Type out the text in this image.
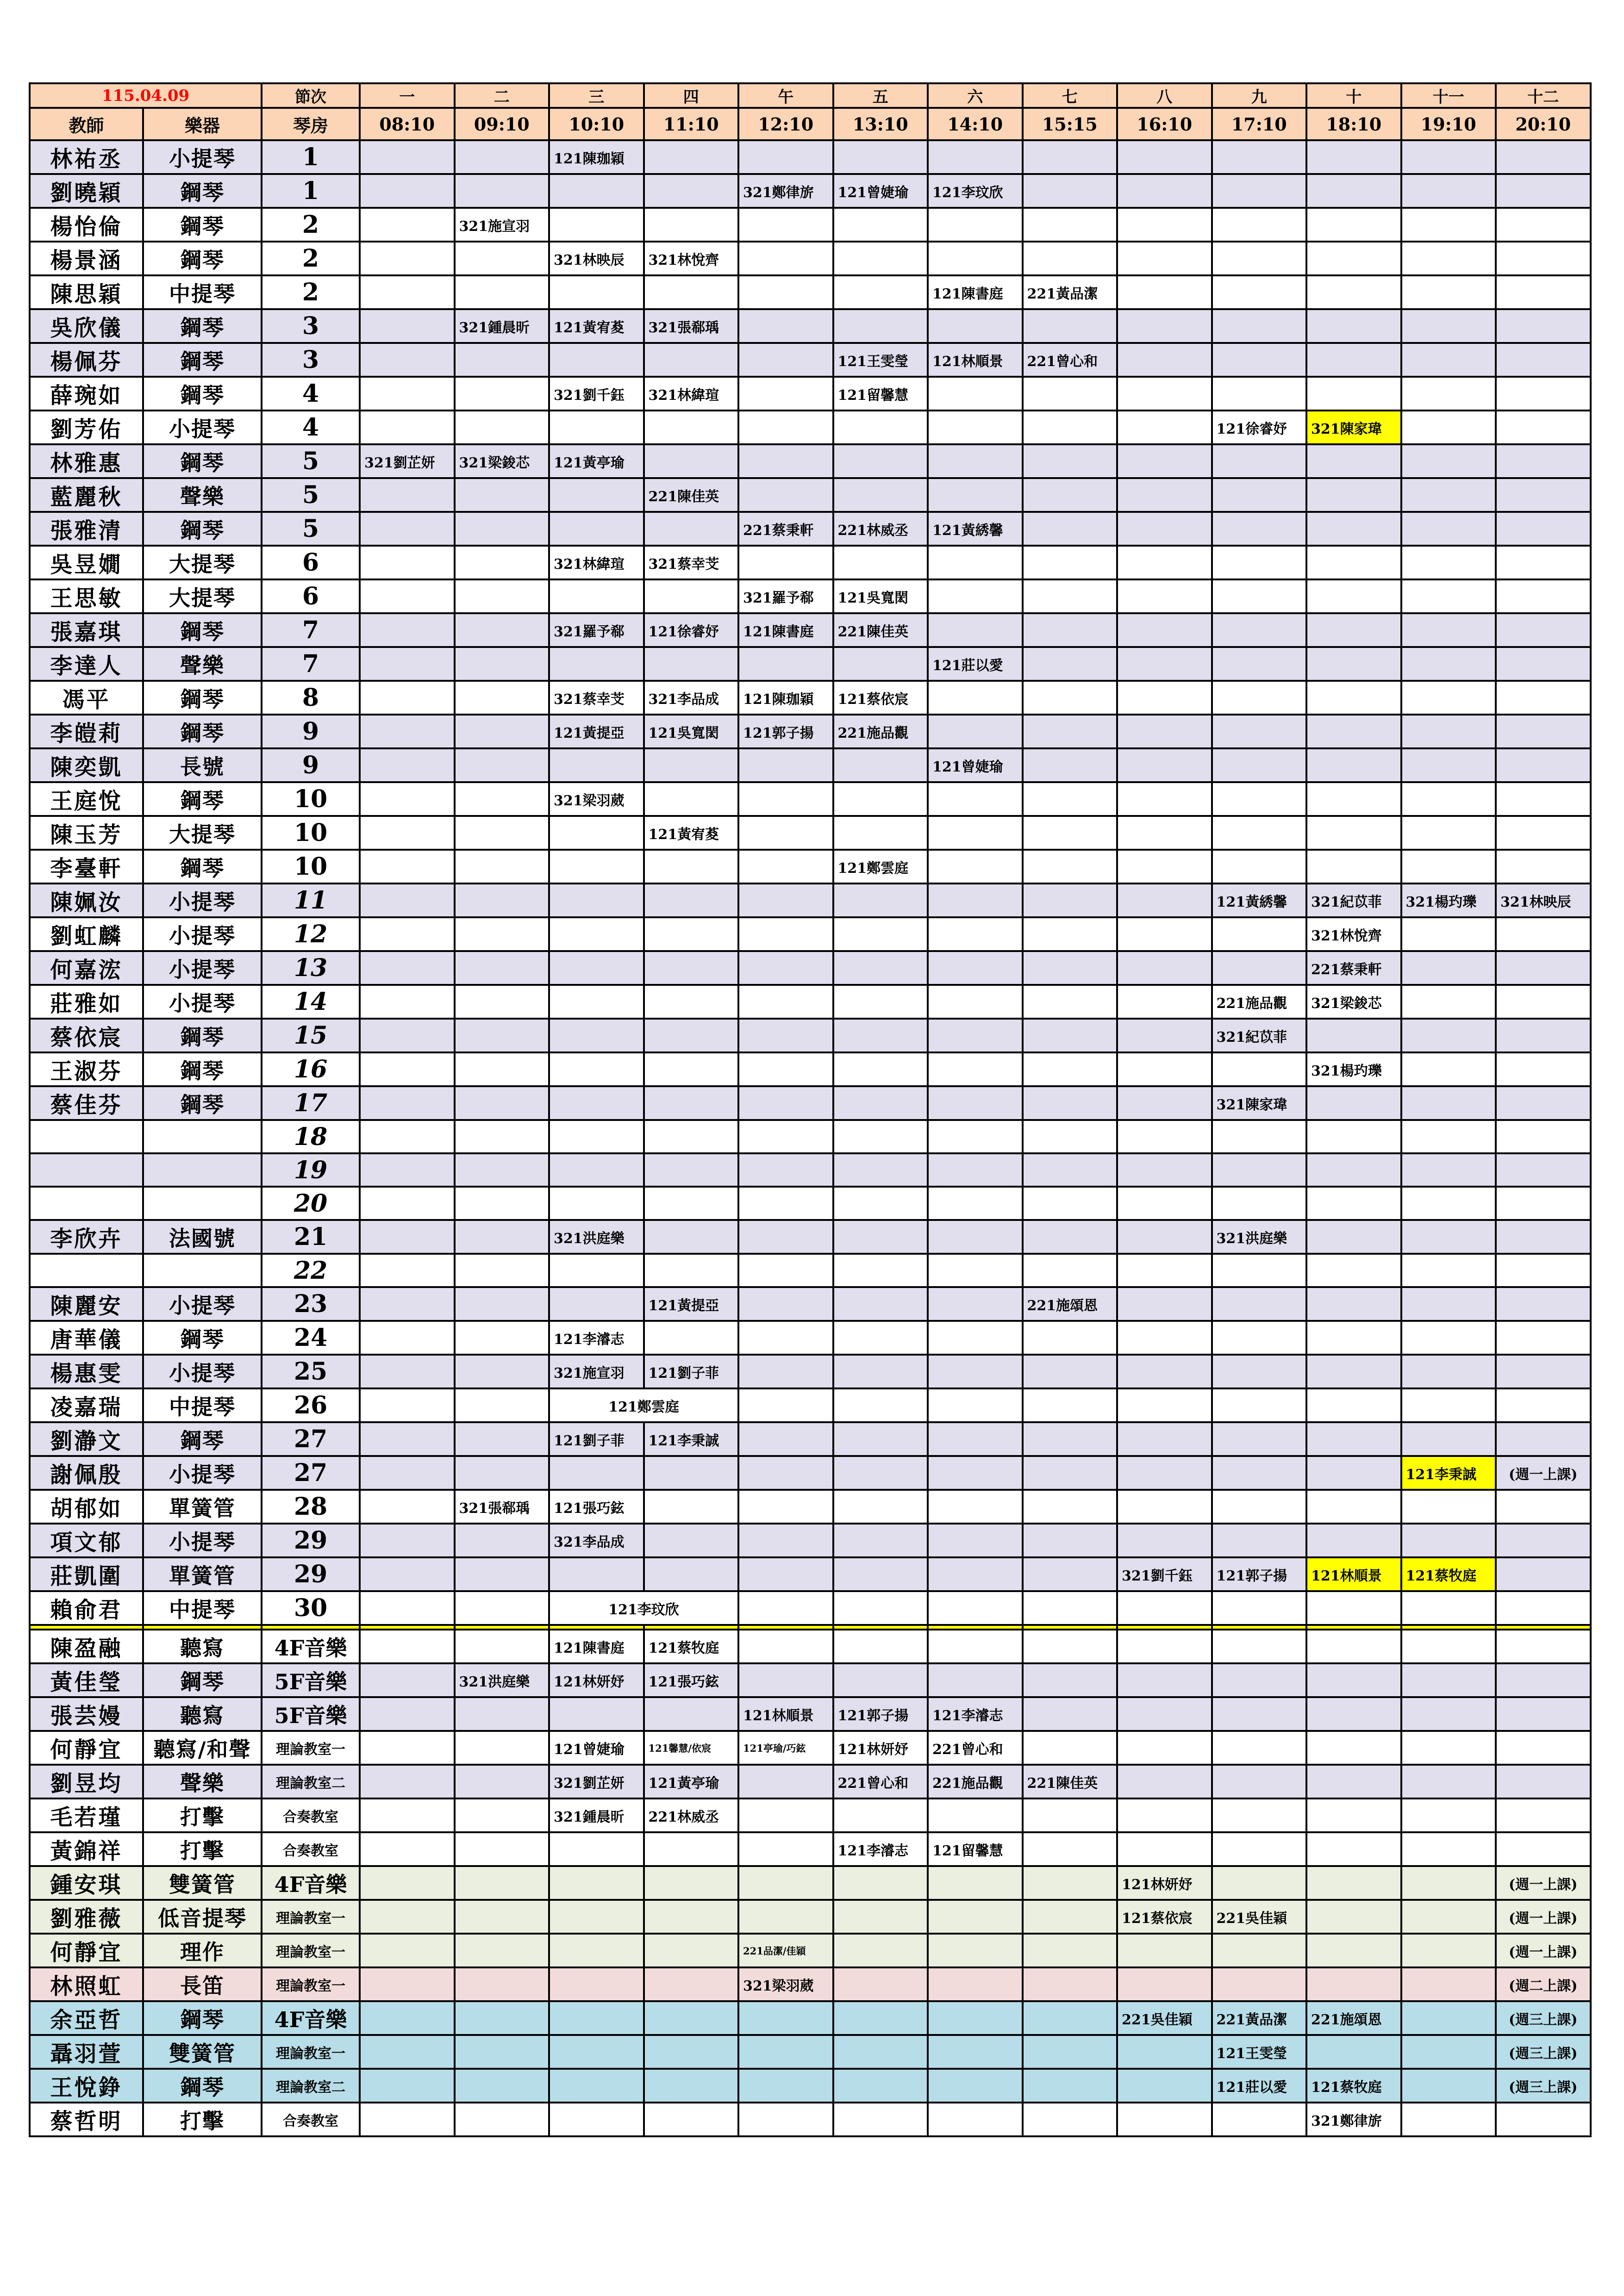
115.04.09		節次	一	二	三	四	午	五	六	七	八	九	十	十一	十二
教師	樂器	琴房	08:10	09:10	10:10	11:10	12:10	13:10	14:10	15:15	16:10	17:10	18:10	19:10	20:10
林祐丞	小提琴	1			121陳珈穎										
劉曉穎	鋼琴	1					321鄭律旂	121曾婕瑜	121李玟欣						
楊怡倫	鋼琴	2		321施宣羽											
楊景涵	鋼琴	2			321林映辰	321林悅齊									
陳思穎	中提琴	2							121陳書庭	221黃品潔					
吳欣儀	鋼琴	3		321鍾晨昕	121黃宥荾	321張郗瑀									
楊佩芬	鋼琴	3						121王雯瑩	121林順景	221曾心和					
薛琬如	鋼琴	4			321劉千鈺	321林緯瑄		121留馨慧							
劉芳佑	小提琴	4										121徐睿妤	321陳家瑋		
林雅惠	鋼琴	5	321劉芷妍	321梁鋑芯	121黃亭瑜										
藍麗秋	聲樂	5				221陳佳英									
張雅清	鋼琴	5					221蔡秉軒	221林威丞	121黃綉馨						
吳昱嫺	大提琴	6			321林緯瑄	321蔡幸芠									
王思敏	大提琴	6					321羅予郗	121吳寬閎							
張嘉琪	鋼琴	7			321羅予郗	121徐睿妤	121陳書庭	221陳佳英							
李達人	聲樂	7							121莊以愛						
馮平	鋼琴	8			321蔡幸芠	321李品成	121陳珈穎	121蔡依宸							
李皚莉	鋼琴	9			121黃提亞	121吳寬閎	121郭子揚	221施品觀							
陳奕凱	長號	9							121曾婕瑜						
王庭悅	鋼琴	10			321梁羽葳										
陳玉芳	大提琴	10				121黃宥荾									
李臺軒	鋼琴	10						121鄭雲庭							
陳姵汝	小提琴	11										121黃綉馨	321紀苡菲	321楊玓瓅	321林映辰
劉虹麟	小提琴	12											321林悅齊		
何嘉浤	小提琴	13											221蔡秉軒		
莊雅如	小提琴	14										221施品觀	321梁鋑芯		
蔡依宸	鋼琴	15										321紀苡菲			
王淑芬	鋼琴	16											321楊玓瓅		
蔡佳芬	鋼琴	17										321陳家瑋			
		18													
		19													
		20													
李欣卉	法國號	21			321洪庭樂							321洪庭樂			
		22													
陳麗安	小提琴	23				121黃提亞				221施頌恩					
唐華儀	鋼琴	24			121李濬志										
楊惠雯	小提琴	25			321施宣羽	121劉子菲									
凌嘉瑞	中提琴	26			121鄭雲庭										
劉瀞文	鋼琴	27			121劉子菲	121李秉誠									
謝佩殷	小提琴	27												121李秉誠	(週一上課)
胡郁如	單簧管	28		321張郗瑀	121張巧鉉										
項文郁	小提琴	29			321李品成										
莊凱圍	單簧管	29									321劉千鈺	121郭子揚	121林順景	121蔡牧庭	
賴俞君	中提琴	30			121李玟欣										

陳盈融	聽寫	4F音樂			121陳書庭	121蔡牧庭									
黃佳瑩	鋼琴	5F音樂		321洪庭樂	121林妍妤	121張巧鉉									
張芸嫚	聽寫	5F音樂					121林順景	121郭子揚	121李濬志						
何靜宜	聽寫/和聲	理論教室一			121曾婕瑜	121馨慧/依宸	121亭瑜/巧鉉	121林妍妤	221曾心和						
劉昱均	聲樂	理論教室二			321劉芷妍	121黃亭瑜		221曾心和	221施品觀	221陳佳英					
毛若瑾	打擊	合奏教室			321鍾晨昕	221林威丞									
黃錦祥	打擊	合奏教室						121李濬志	121留馨慧						
鍾安琪	雙簧管	4F音樂									121林妍妤				(週一上課)
劉雅薇	低音提琴	理論教室一									121蔡依宸	221吳佳穎			(週一上課)
何靜宜	理作	理論教室一					221品潔/佳穎								(週一上課)
林照虹	長笛	理論教室一					321梁羽葳								(週二上課)
余亞哲	鋼琴	4F音樂									221吳佳穎	221黃品潔	221施頌恩		(週三上課)
聶羽萱	雙簧管	理論教室一										121王雯瑩			(週三上課)
王悅錚	鋼琴	理論教室二										121莊以愛	121蔡牧庭		(週三上課)
蔡哲明	打擊	合奏教室											321鄭律旂		
